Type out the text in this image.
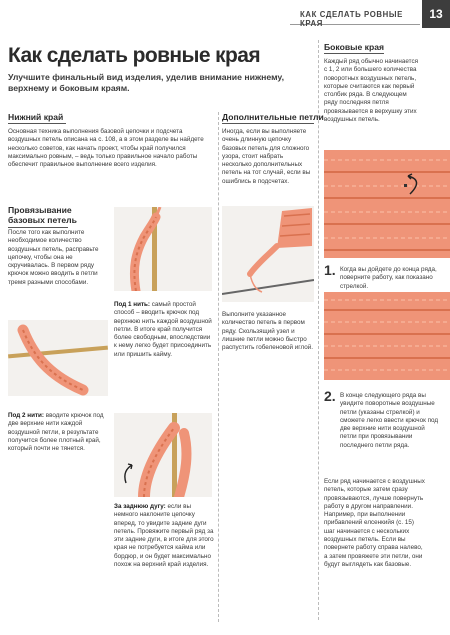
КАК СДЕЛАТЬ РОВНЫЕ КРАЯ
13
Как сделать ровные края
Улучшите финальный вид изделия, уделив внимание нижнему, верхнему и боковым краям.
Нижний край
Основная техника выполнения базовой цепочки и подсчета воздушных петель описана на с. 108, а в этом разделе вы найдете несколько советов, как начать проект, чтобы край получился максимально ровным, – ведь только правильное начало работы обеспечит правильное выполнение всего изделия.
Провязывание базовых петель
После того как выполните необходимое количество воздушных петель, расправьте цепочку, чтобы она не скручивалась. В первом ряду крючок можно вводить в петли тремя разными способами.
Под 1 нить: самый простой способ – вводить крючок под верхнюю нить каждой воздушной петли. В итоге край получится более свободным, впоследствии к нему легко будет присоединить или пришить кайму.
Под 2 нити: вводите крючок под две верхние нити каждой воздушной петли, в результате получится более плотный край, который почти не тянется.
За заднюю дугу: если вы немного наклоните цепочку вперед, то увидите задние дуги петель. Провяжите первый ряд за эти задние дуги, в итоге для этого края не потребуется кайма или бордюр, и он будет максимально похож на верхний край изделия.
Дополнительные петли
Иногда, если вы выполняете очень длинную цепочку базовых петель для сложного узора, стоит набрать несколько дополнительных петель на тот случай, если вы ошиблись в подсчетах.
Выполните указанное количество петель в первом ряду. Скользящий узел и лишние петли можно быстро распустить гобеленовой иглой.
Боковые края
Каждый ряд обычно начинается с 1, 2 или большего количества поворотных воздушных петель, которые считаются как первый столбик ряда. В следующем ряду последняя петля провязывается в верхушку этих воздушных петель.
1. Когда вы дойдете до конца ряда, поверните работу, как показано стрелкой.
2. В конце следующего ряда вы увидите поворотные воздушные петли (указаны стрелкой) и сможете легко ввести крючок под две верхние нити воздушной петли при провязывании последнего петли ряда.
Если ряд начинается с воздушных петель, которые затем сразу провязываются, лучше повернуть работу в другом направлении. Например, при выполнении прибавлений елсенкийя (с. 15) шаг начинается с нескольких воздушных петель. Если вы повернете работу справа налево, а затем провяжете эти петли, они будут выглядеть как базовые.
